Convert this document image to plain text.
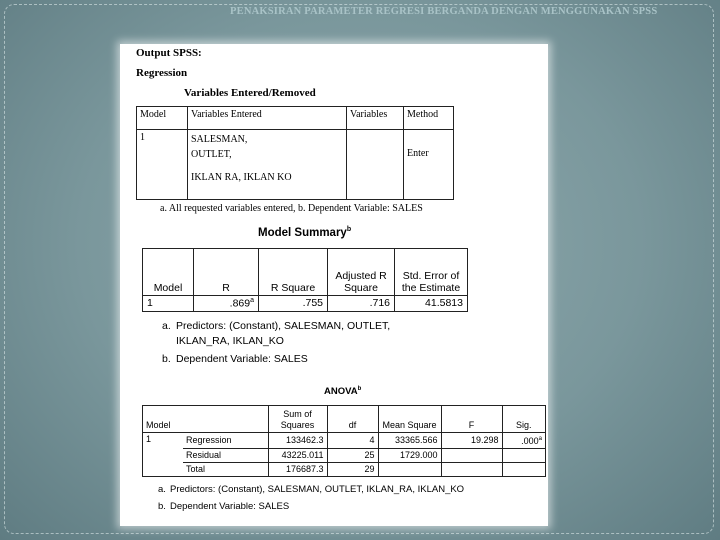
PENAKSIRAN PARAMETER REGRESI BERGANDA DENGAN MENGGUNAKAN SPSS
Output SPSS:
Regression
Variables Entered/Removed
Model	Variables Entered	Variables	Method
1	SALESMAN,
OUTLET,
IKLAN RA, IKLAN KO		Enter
a. All requested variables entered, b. Dependent Variable: SALES
Model Summary$^b$
Model	R	R Square	Adjusted R Square	Std. Error of the Estimate
1	.869$^a$	.755	.716	41.5813
a. Predictors: (Constant), SALESMAN, OUTLET,
IKLAN_RA, IKLAN_KO
b. Dependent Variable: SALES
ANOVA$^b$
Model		Sum of Squares	df	Mean Square	F	Sig.
1	Regression	133462.3	4	33365.566	19.298	.000$^a$
	Residual	43225.011	25	1729.000		
	Total	176687.3	29			
a. Predictors: (Constant), SALESMAN, OUTLET, IKLAN_RA, IKLAN_KO
b. Dependent Variable: SALES
